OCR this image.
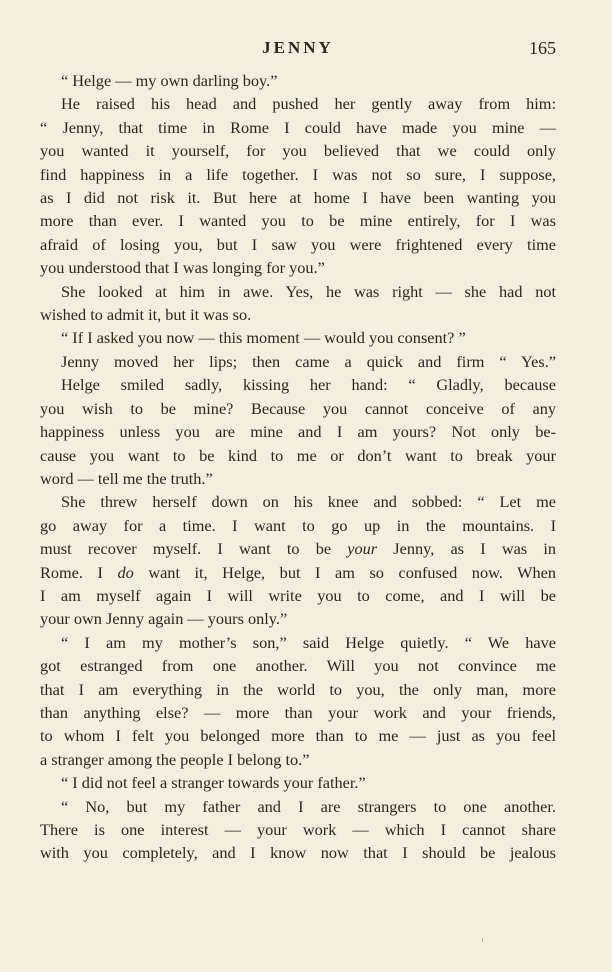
JENNY	165
“ Helge — my own darling boy.”
He raised his head and pushed her gently away from him:
“ Jenny, that time in Rome I could have made you mine —
you wanted it yourself, for you believed that we could only
find happiness in a life together. I was not so sure, I suppose,
as I did not risk it. But here at home I have been wanting you
more than ever. I wanted you to be mine entirely, for I was
afraid of losing you, but I saw you were frightened every time
you understood that I was longing for you.”
She looked at him in awe. Yes, he was right — she had not
wished to admit it, but it was so.
“ If I asked you now — this moment — would you consent? ”
Jenny moved her lips; then came a quick and firm “ Yes.”
Helge smiled sadly, kissing her hand: “ Gladly, because
you wish to be mine? Because you cannot conceive of any
happiness unless you are mine and I am yours? Not only be-
cause you want to be kind to me or don’t want to break your
word — tell me the truth.”
She threw herself down on his knee and sobbed: “ Let me
go away for a time. I want to go up in the mountains. I
must recover myself. I want to be your Jenny, as I was in
Rome. I do want it, Helge, but I am so confused now. When
I am myself again I will write you to come, and I will be
your own Jenny again — yours only.”
“ I am my mother’s son,” said Helge quietly. “ We have
got estranged from one another. Will you not convince me
that I am everything in the world to you, the only man, more
than anything else? — more than your work and your friends,
to whom I felt you belonged more than to me — just as you feel
a stranger among the people I belong to.”
“ I did not feel a stranger towards your father.”
“ No, but my father and I are strangers to one another.
There is one interest — your work — which I cannot share
with you completely, and I know now that I should be jealous
